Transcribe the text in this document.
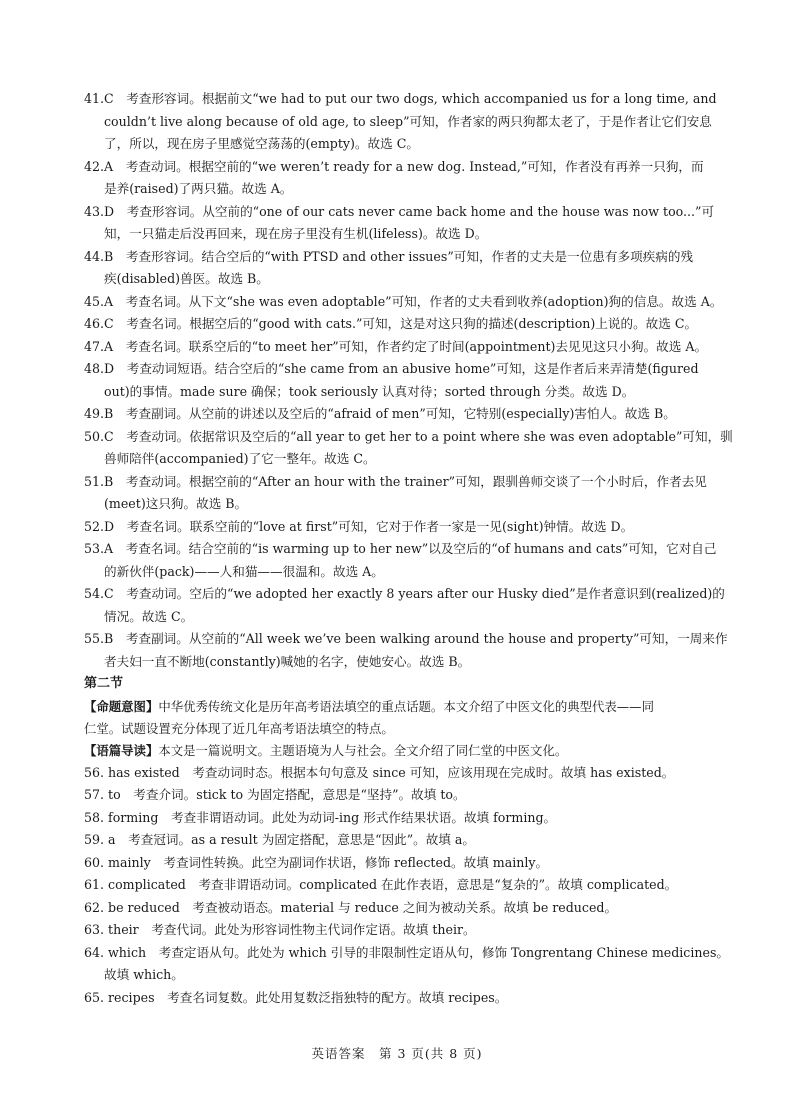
41.C　考查形容词。根据前文“we had to put our two dogs, which accompanied us for a long time, and
couldn’t live along because of old age, to sleep”可知，作者家的两只狗都太老了，于是作者让它们安息
了，所以，现在房子里感觉空荡荡的(empty)。故选 C。
42.A　考查动词。根据空前的“we weren’t ready for a new dog. Instead,”可知，作者没有再养一只狗，而
是养(raised)了两只猫。故选 A。
43.D　考查形容词。从空前的“one of our cats never came back home and the house was now too...”可
知，一只猫走后没再回来，现在房子里没有生机(lifeless)。故选 D。
44.B　考查形容词。结合空后的“with PTSD and other issues”可知，作者的丈夫是一位患有多项疾病的残
疾(disabled)兽医。故选 B。
45.A　考查名词。从下文“she was even adoptable”可知，作者的丈夫看到收养(adoption)狗的信息。故选 A。
46.C　考查名词。根据空后的“good with cats.”可知，这是对这只狗的描述(description)上说的。故选 C。
47.A　考查名词。联系空后的“to meet her”可知，作者约定了时间(appointment)去见见这只小狗。故选 A。
48.D　考查动词短语。结合空后的“she came from an abusive home”可知，这是作者后来弄清楚(figured
out)的事情。made sure 确保；took seriously 认真对待；sorted through 分类。故选 D。
49.B　考查副词。从空前的讲述以及空后的“afraid of men”可知，它特别(especially)害怕人。故选 B。
50.C　考查动词。依据常识及空后的“all year to get her to a point where she was even adoptable”可知，驯
兽师陪伴(accompanied)了它一整年。故选 C。
51.B　考查动词。根据空前的“After an hour with the trainer”可知，跟驯兽师交谈了一个小时后，作者去见
(meet)这只狗。故选 B。
52.D　考查名词。联系空前的“love at first”可知，它对于作者一家是一见(sight)钟情。故选 D。
53.A　考查名词。结合空前的“is warming up to her new”以及空后的“of humans and cats”可知，它对自己
的新伙伴(pack)——人和猫——很温和。故选 A。
54.C　考查动词。空后的“we adopted her exactly 8 years after our Husky died”是作者意识到(realized)的
情况。故选 C。
55.B　考查副词。从空前的“All week we’ve been walking around the house and property”可知，一周来作
者夫妇一直不断地(constantly)喊她的名字，使她安心。故选 B。
第二节
【命题意图】中华优秀传统文化是历年高考语法填空的重点话题。本文介绍了中医文化的典型代表——同
仁堂。试题设置充分体现了近几年高考语法填空的特点。
【语篇导读】本文是一篇说明文。主题语境为人与社会。全文介绍了同仁堂的中医文化。
56. has existed　考查动词时态。根据本句句意及 since 可知，应该用现在完成时。故填 has existed。
57. to　考查介词。stick to 为固定搭配，意思是“坚持”。故填 to。
58. forming　考查非谓语动词。此处为动词-ing 形式作结果状语。故填 forming。
59. a　考查冠词。as a result 为固定搭配，意思是“因此”。故填 a。
60. mainly　考查词性转换。此空为副词作状语，修饰 reflected。故填 mainly。
61. complicated　考查非谓语动词。complicated 在此作表语，意思是“复杂的”。故填 complicated。
62. be reduced　考查被动语态。material 与 reduce 之间为被动关系。故填 be reduced。
63. their　考查代词。此处为形容词性物主代词作定语。故填 their。
64. which　考查定语从句。此处为 which 引导的非限制性定语从句，修饰 Tongrentang Chinese medicines。
故填 which。
65. recipes　考查名词复数。此处用复数泛指独特的配方。故填 recipes。
英语答案　第 3 页(共 8 页)
